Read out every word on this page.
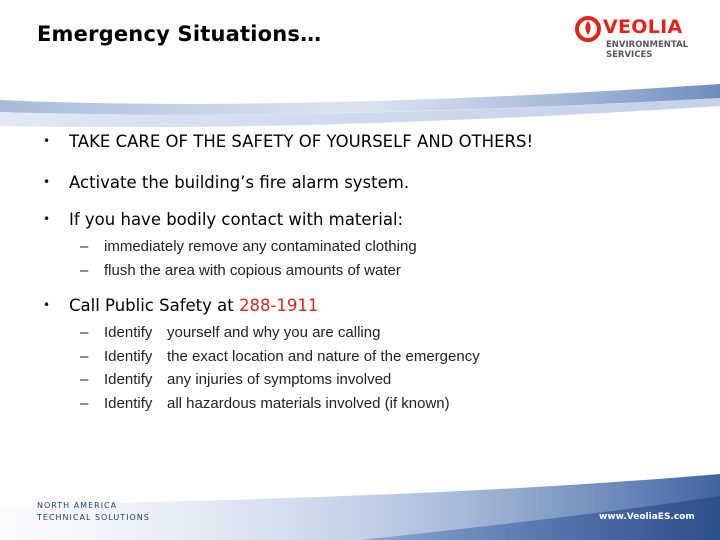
Emergency Situations…	VEOLIA
ENVIRONMENTAL
SERVICES
• TAKE CARE OF THE SAFETY OF YOURSELF AND OTHERS!
• Activate the building’s fire alarm system.
• If you have bodily contact with material:
– immediately remove any contaminated clothing
– flush the area with copious amounts of water
• Call Public Safety at 288-1911
– Identify yourself and why you are calling
– Identify the exact location and nature of the emergency
– Identify any injuries of symptoms involved
– Identify all hazardous materials involved (if known)
NORTH AMERICA
TECHNICAL SOLUTIONS	www.VeoliaES.com
